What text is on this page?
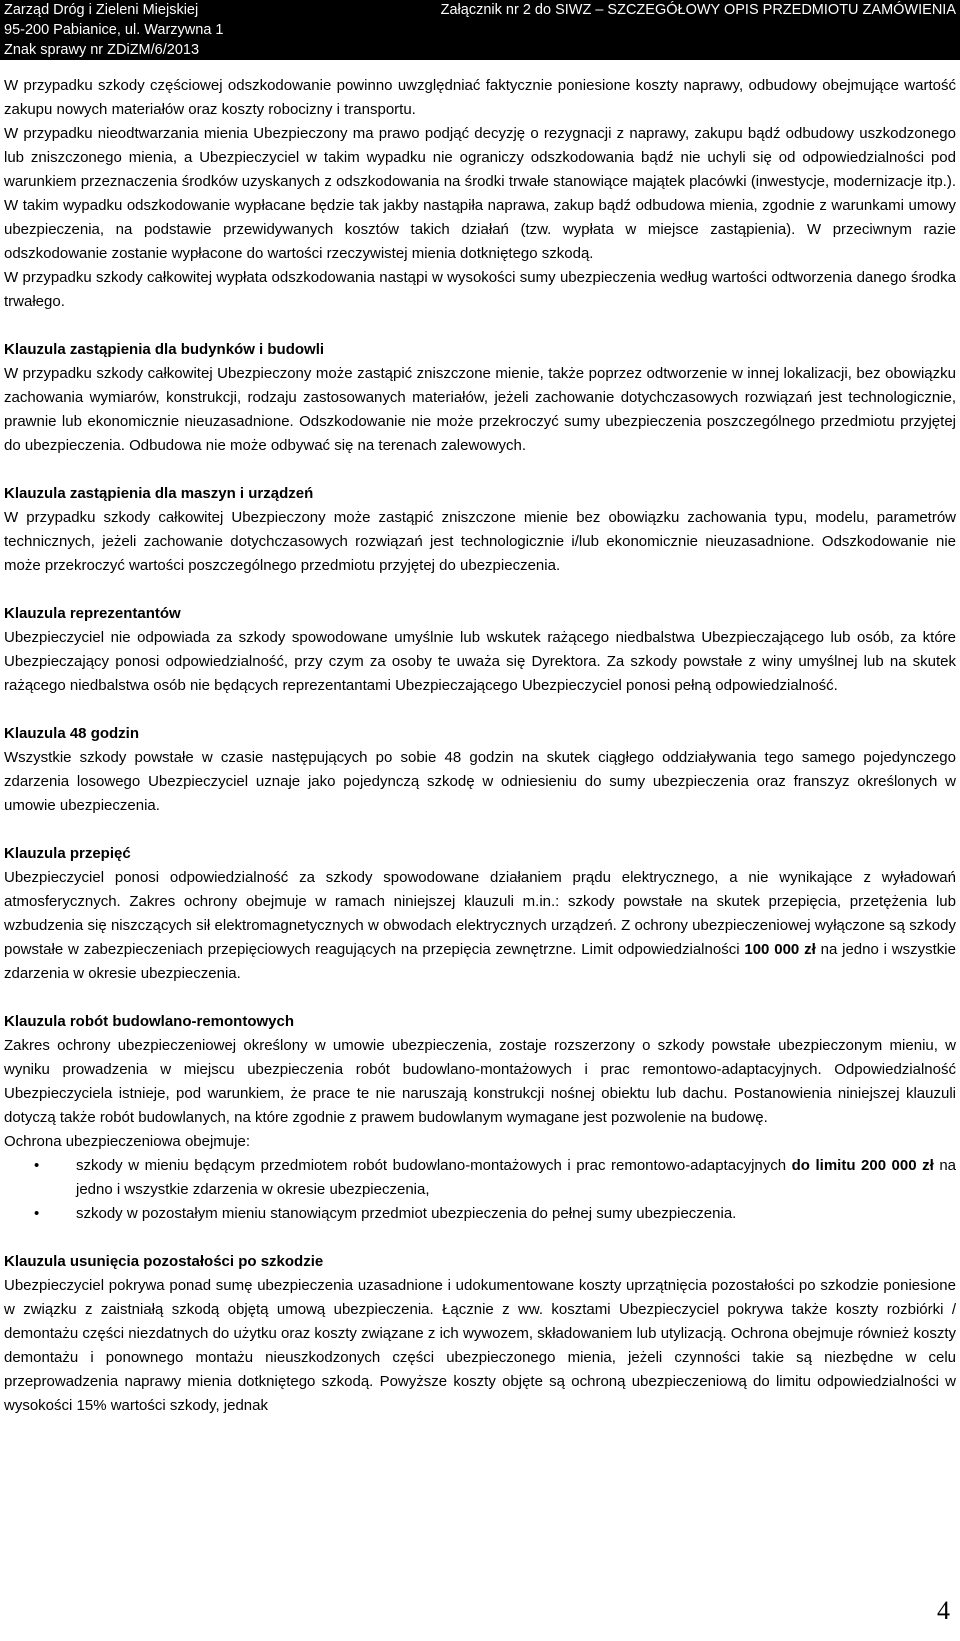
Zarząd Dróg i Zieleni Miejskiej
95-200 Pabianice, ul. Warzywna 1
Znak sprawy nr ZDiZM/6/2013
Załącznik nr 2 do SIWZ – SZCZEGÓŁOWY OPIS PRZEDMIOTU ZAMÓWIENIA

W przypadku szkody częściowej odszkodowanie powinno uwzględniać faktycznie poniesione koszty naprawy, odbudowy obejmujące wartość zakupu nowych materiałów oraz koszty robocizny i transportu.

W przypadku nieodtwarzania mienia Ubezpieczony ma prawo podjąć decyzję o rezygnacji z naprawy, zakupu bądź odbudowy uszkodzonego lub zniszczonego mienia, a Ubezpieczyciel w takim wypadku nie ograniczy odszkodowania bądź nie uchyli się od odpowiedzialności pod warunkiem przeznaczenia środków uzyskanych z odszkodowania na środki trwałe stanowiące majątek placówki (inwestycje, modernizacje itp.). W takim wypadku odszkodowanie wypłacane będzie tak jakby nastąpiła naprawa, zakup bądź odbudowa mienia, zgodnie z warunkami umowy ubezpieczenia, na podstawie przewidywanych kosztów takich działań (tzw. wypłata w miejsce zastąpienia). W przeciwnym razie odszkodowanie zostanie wypłacone do wartości rzeczywistej mienia dotkniętego szkodą.

W przypadku szkody całkowitej wypłata odszkodowania nastąpi w wysokości sumy ubezpieczenia według wartości odtworzenia danego środka trwałego.

Klauzula zastąpienia dla budynków i budowli

W przypadku szkody całkowitej Ubezpieczony może zastąpić zniszczone mienie, także poprzez odtworzenie w innej lokalizacji, bez obowiązku zachowania wymiarów, konstrukcji, rodzaju zastosowanych materiałów, jeżeli zachowanie dotychczasowych rozwiązań jest technologicznie, prawnie lub ekonomicznie nieuzasadnione. Odszkodowanie nie może przekroczyć sumy ubezpieczenia poszczególnego przedmiotu przyjętej do ubezpieczenia. Odbudowa nie może odbywać się na terenach zalewowych.

Klauzula zastąpienia dla maszyn i urządzeń

W przypadku szkody całkowitej Ubezpieczony może zastąpić zniszczone mienie bez obowiązku zachowania typu, modelu, parametrów technicznych, jeżeli zachowanie dotychczasowych rozwiązań jest technologicznie i/lub ekonomicznie nieuzasadnione. Odszkodowanie nie może przekroczyć wartości poszczególnego przedmiotu przyjętej do ubezpieczenia.

Klauzula reprezentantów

Ubezpieczyciel nie odpowiada za szkody spowodowane umyślnie lub wskutek rażącego niedbalstwa Ubezpieczającego lub osób, za które Ubezpieczający ponosi odpowiedzialność, przy czym za osoby te uważa się Dyrektora. Za szkody powstałe z winy umyślnej lub na skutek rażącego niedbalstwa osób nie będących reprezentantami Ubezpieczającego Ubezpieczyciel ponosi pełną odpowiedzialność.

Klauzula 48 godzin

Wszystkie szkody powstałe w czasie następujących po sobie 48 godzin na skutek ciągłego oddziaływania tego samego pojedynczego zdarzenia losowego Ubezpieczyciel uznaje jako pojedynczą szkodę w odniesieniu do sumy ubezpieczenia oraz franszyz określonych w umowie ubezpieczenia.

Klauzula przepięć

Ubezpieczyciel ponosi odpowiedzialność za szkody spowodowane działaniem prądu elektrycznego, a nie wynikające z wyładowań atmosferycznych. Zakres ochrony obejmuje w ramach niniejszej klauzuli m.in.: szkody powstałe na skutek przepięcia, przetężenia lub wzbudzenia się niszczących sił elektromagnetycznych w obwodach elektrycznych urządzeń. Z ochrony ubezpieczeniowej wyłączone są szkody powstałe w zabezpieczeniach przepięciowych reagujących na przepięcia zewnętrzne. Limit odpowiedzialności 100 000 zł na jedno i wszystkie zdarzenia w okresie ubezpieczenia.

Klauzula robót budowlano-remontowych

Zakres ochrony ubezpieczeniowej określony w umowie ubezpieczenia, zostaje rozszerzony o szkody powstałe ubezpieczonym mieniu, w wyniku prowadzenia w miejscu ubezpieczenia robót budowlano-montażowych i prac remontowo-adaptacyjnych. Odpowiedzialność Ubezpieczyciela istnieje, pod warunkiem, że prace te nie naruszają konstrukcji nośnej obiektu lub dachu. Postanowienia niniejszej klauzuli dotyczą także robót budowlanych, na które zgodnie z prawem budowlanym wymagane jest pozwolenie na budowę.

Ochrona ubezpieczeniowa obejmuje:

• szkody w mieniu będącym przedmiotem robót budowlano-montażowych i prac remontowo-adaptacyjnych do limitu 200 000 zł na jedno i wszystkie zdarzenia w okresie ubezpieczenia,
• szkody w pozostałym mieniu stanowiącym przedmiot ubezpieczenia do pełnej sumy ubezpieczenia.

Klauzula usunięcia pozostałości po szkodzie

Ubezpieczyciel pokrywa ponad sumę ubezpieczenia uzasadnione i udokumentowane koszty uprzątnięcia pozostałości po szkodzie poniesione w związku z zaistniałą szkodą objętą umową ubezpieczenia. Łącznie z ww. kosztami Ubezpieczyciel pokrywa także koszty rozbiórki / demontażu części niezdatnych do użytku oraz koszty związane z ich wywozem, składowaniem lub utylizacją. Ochrona obejmuje również koszty demontażu i ponownego montażu nieuszkodzonych części ubezpieczonego mienia, jeżeli czynności takie są niezbędne w celu przeprowadzenia naprawy mienia dotkniętego szkodą. Powyższe koszty objęte są ochroną ubezpieczeniową do limitu odpowiedzialności w wysokości 15% wartości szkody, jednak

4
